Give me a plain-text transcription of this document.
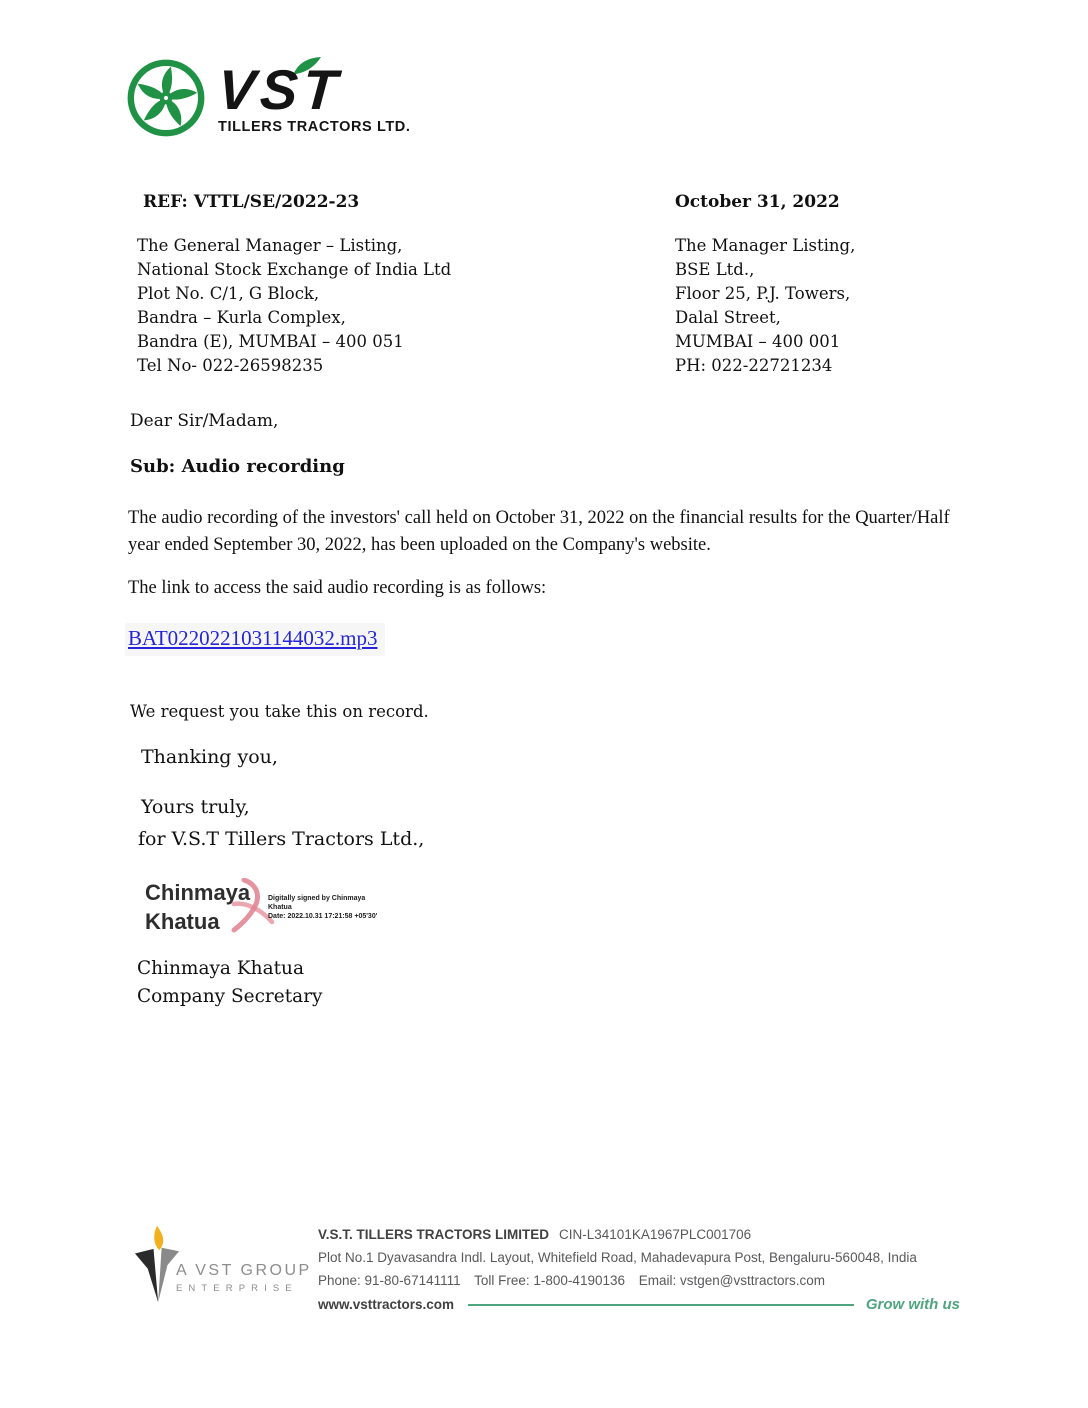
VST
TILLERS TRACTORS LTD.
REF: VTTL/SE/2022-23	October 31, 2022
The General Manager – Listing,
National Stock Exchange of India Ltd
Plot No. C/1, G Block,
Bandra – Kurla Complex,
Bandra (E), MUMBAI – 400 051
Tel No- 022-26598235
The Manager Listing,
BSE Ltd.,
Floor 25, P.J. Towers,
Dalal Street,
MUMBAI – 400 001
PH: 022-22721234
Dear Sir/Madam,
Sub: Audio recording
The audio recording of the investors' call held on October 31, 2022 on the financial results for the Quarter/Half year ended September 30, 2022, has been uploaded on the Company's website.
The link to access the said audio recording is as follows:
BAT0220221031144032.mp3
We request you take this on record.
Thanking you,
Yours truly,
for V.S.T Tillers Tractors Ltd.,
Chinmaya
Khatua
Digitally signed by Chinmaya Khatua
Date: 2022.10.31 17:21:58 +05'30'
Chinmaya Khatua
Company Secretary
A VST GROUP
ENTERPRISE
V.S.T. TILLERS TRACTORS LIMITED CIN-L34101KA1967PLC001706
Plot No.1 Dyavasandra Indl. Layout, Whitefield Road, Mahadevapura Post, Bengaluru-560048, India
Phone: 91-80-67141111 Toll Free: 1-800-4190136 Email: vstgen@vsttractors.com
www.vsttractors.com	Grow with us
